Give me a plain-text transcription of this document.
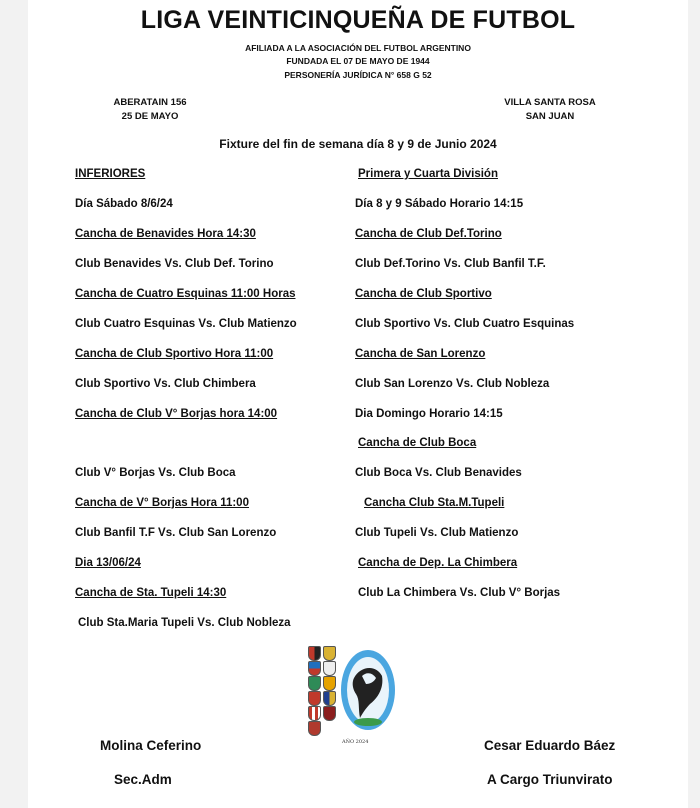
LIGA VEINTICINQUEÑA DE FUTBOL
AFILIADA A LA ASOCIACIÓN DEL FUTBOL ARGENTINO
FUNDADA EL 07 DE MAYO DE 1944
PERSONERÍA JURÍDICA N° 658 G 52
ABERATAIN 156
25 DE MAYO
VILLA SANTA ROSA
SAN JUAN
Fixture del fin de semana día 8 y 9 de Junio 2024
INFERIORES
Día Sábado 8/6/24
Cancha de Benavides Hora 14:30
Club Benavides Vs. Club Def. Torino
Cancha de Cuatro Esquinas 11:00 Horas
Club Cuatro Esquinas Vs. Club Matienzo
Cancha de Club Sportivo Hora 11:00
Club Sportivo Vs. Club Chimbera
Cancha de Club V° Borjas hora 14:00
Club V° Borjas Vs. Club Boca
Cancha de V° Borjas Hora 11:00
Club Banfil T.F Vs. Club San Lorenzo
Dia 13/06/24
Cancha de Sta. Tupeli 14:30
Club Sta.Maria Tupeli Vs. Club Nobleza
Primera y Cuarta División
Día 8 y 9 Sábado Horario 14:15
Cancha de Club Def.Torino
Club Def.Torino Vs. Club Banfil T.F.
Cancha de Club Sportivo
Club Sportivo Vs. Club Cuatro Esquinas
Cancha de San Lorenzo
Club San Lorenzo Vs. Club Nobleza
Dia Domingo Horario 14:15
Cancha de Club Boca
Club Boca Vs. Club Benavides
Cancha Club Sta.M.Tupeli
Club Tupeli Vs. Club Matienzo
Cancha de Dep. La Chimbera
Club La Chimbera Vs. Club V° Borjas
AÑO 2024
Molina Ceferino
Sec.Adm
Cesar Eduardo Báez
A Cargo Triunvirato
